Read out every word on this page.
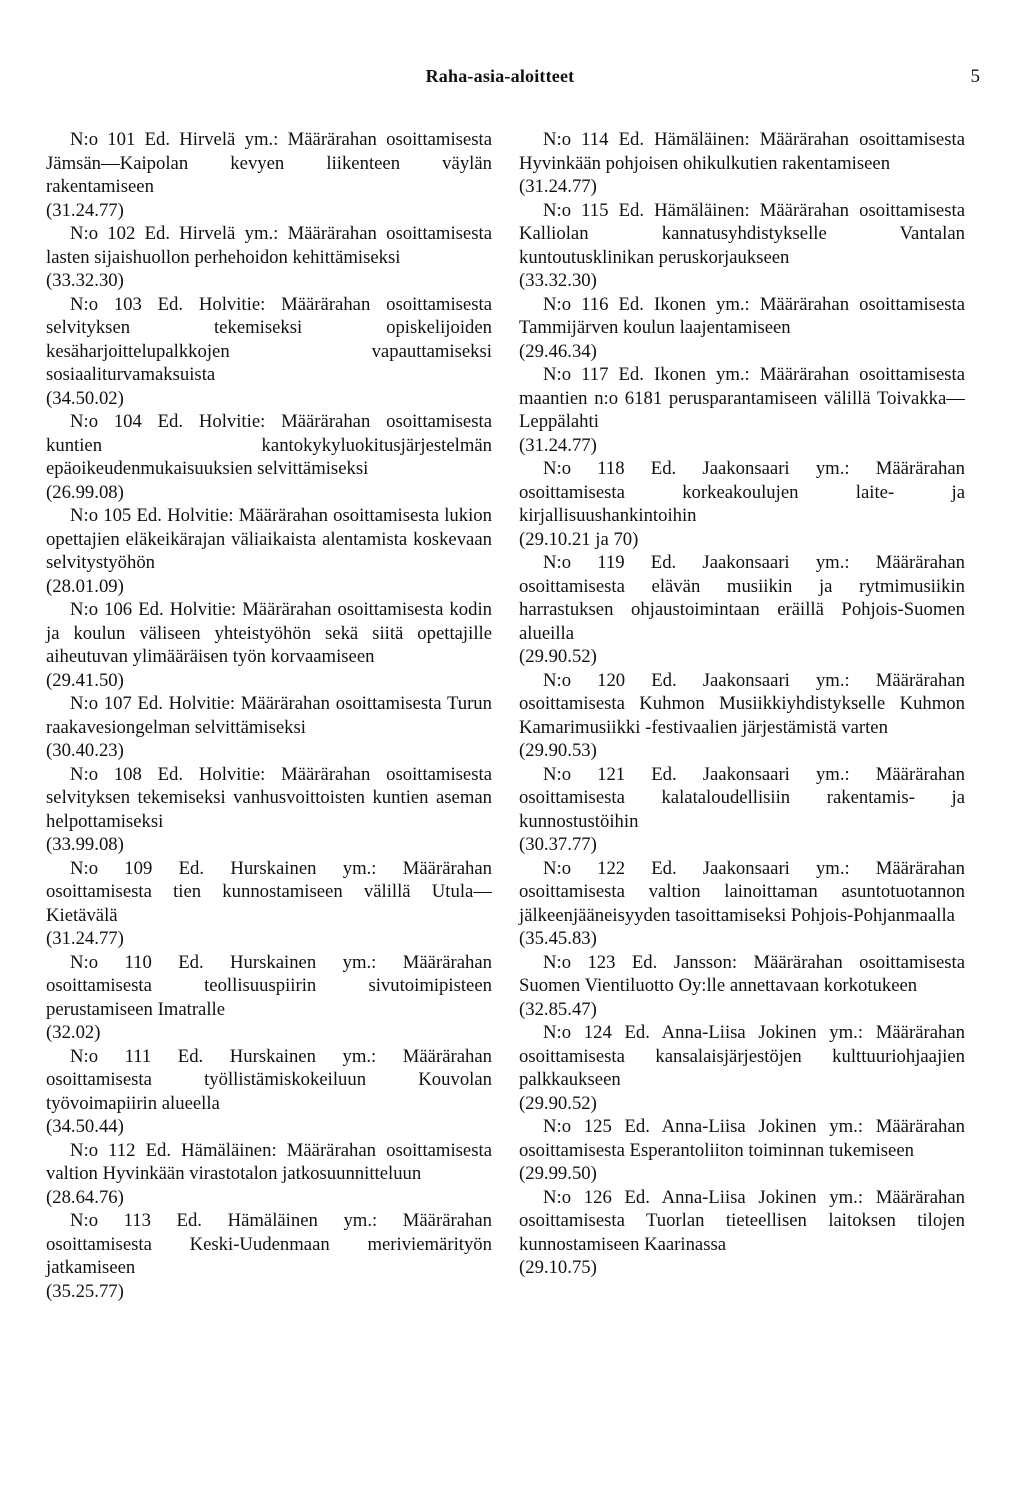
Raha-asia-aloitteet	5
N:o 101 Ed. Hirvelä ym.: Määrärahan osoittamisesta Jämsän—Kaipolan kevyen liikenteen väylän rakentamiseen
(31.24.77)
N:o 102 Ed. Hirvelä ym.: Määrärahan osoittamisesta lasten sijaishuollon perhehoidon kehittämiseksi
(33.32.30)
N:o 103 Ed. Holvitie: Määrärahan osoittamisesta selvityksen tekemiseksi opiskelijoiden kesäharjoittelupalkkojen vapauttamiseksi sosiaaliturvamaksuista
(34.50.02)
N:o 104 Ed. Holvitie: Määrärahan osoittamisesta kuntien kantokykyluokitusjärjestelmän epäoikeudenmukaisuuksien selvittämiseksi
(26.99.08)
N:o 105 Ed. Holvitie: Määrärahan osoittamisesta lukion opettajien eläkeikärajan väliaikaista alentamista koskevaan selvitystyöhön
(28.01.09)
N:o 106 Ed. Holvitie: Määrärahan osoittamisesta kodin ja koulun väliseen yhteistyöhön sekä siitä opettajille aiheutuvan ylimääräisen työn korvaamiseen
(29.41.50)
N:o 107 Ed. Holvitie: Määrärahan osoittamisesta Turun raakavesiongelman selvittämiseksi
(30.40.23)
N:o 108 Ed. Holvitie: Määrärahan osoittamisesta selvityksen tekemiseksi vanhusvoittoisten kuntien aseman helpottamiseksi
(33.99.08)
N:o 109 Ed. Hurskainen ym.: Määrärahan osoittamisesta tien kunnostamiseen välillä Utula—Kietävälä
(31.24.77)
N:o 110 Ed. Hurskainen ym.: Määrärahan osoittamisesta teollisuuspiirin sivutoimipisteen perustamiseen Imatralle
(32.02)
N:o 111 Ed. Hurskainen ym.: Määrärahan osoittamisesta työllistämiskokeiluun Kouvolan työvoimapiirin alueella
(34.50.44)
N:o 112 Ed. Hämäläinen: Määrärahan osoittamisesta valtion Hyvinkään virastotalon jatkosuunnitteluun
(28.64.76)
N:o 113 Ed. Hämäläinen ym.: Määrärahan osoittamisesta Keski-Uudenmaan meriviemärityön jatkamiseen
(35.25.77)
N:o 114 Ed. Hämäläinen: Määrärahan osoittamisesta Hyvinkään pohjoisen ohikulkutien rakentamiseen
(31.24.77)
N:o 115 Ed. Hämäläinen: Määrärahan osoittamisesta Kalliolan kannatusyhdistykselle Vantalan kuntoutusklinikan peruskorjaukseen
(33.32.30)
N:o 116 Ed. Ikonen ym.: Määrärahan osoittamisesta Tammijärven koulun laajentamiseen
(29.46.34)
N:o 117 Ed. Ikonen ym.: Määrärahan osoittamisesta maantien n:o 6181 perusparantamiseen välillä Toivakka—Leppälahti
(31.24.77)
N:o 118 Ed. Jaakonsaari ym.: Määrärahan osoittamisesta korkeakoulujen laite- ja kirjallisuushankintoihin
(29.10.21 ja 70)
N:o 119 Ed. Jaakonsaari ym.: Määrärahan osoittamisesta elävän musiikin ja rytmimusiikin harrastuksen ohjaustoimintaan eräillä Pohjois-Suomen alueilla
(29.90.52)
N:o 120 Ed. Jaakonsaari ym.: Määrärahan osoittamisesta Kuhmon Musiikkiyhdistykselle Kuhmon Kamarimusiikki -festivaalien järjestämistä varten
(29.90.53)
N:o 121 Ed. Jaakonsaari ym.: Määrärahan osoittamisesta kalataloudellisiin rakentamis- ja kunnostustöihin
(30.37.77)
N:o 122 Ed. Jaakonsaari ym.: Määrärahan osoittamisesta valtion lainoittaman asuntotuotannon jälkeenjääneisyyden tasoittamiseksi Pohjois-Pohjanmaalla
(35.45.83)
N:o 123 Ed. Jansson: Määrärahan osoittamisesta Suomen Vientiluotto Oy:lle annettavaan korkotukeen
(32.85.47)
N:o 124 Ed. Anna-Liisa Jokinen ym.: Määrärahan osoittamisesta kansalaisjärjestöjen kulttuuriohjaajien palkkaukseen
(29.90.52)
N:o 125 Ed. Anna-Liisa Jokinen ym.: Määrärahan osoittamisesta Esperantoliiton toiminnan tukemiseen
(29.99.50)
N:o 126 Ed. Anna-Liisa Jokinen ym.: Määrärahan osoittamisesta Tuorlan tieteellisen laitoksen tilojen kunnostamiseen Kaarinassa
(29.10.75)
